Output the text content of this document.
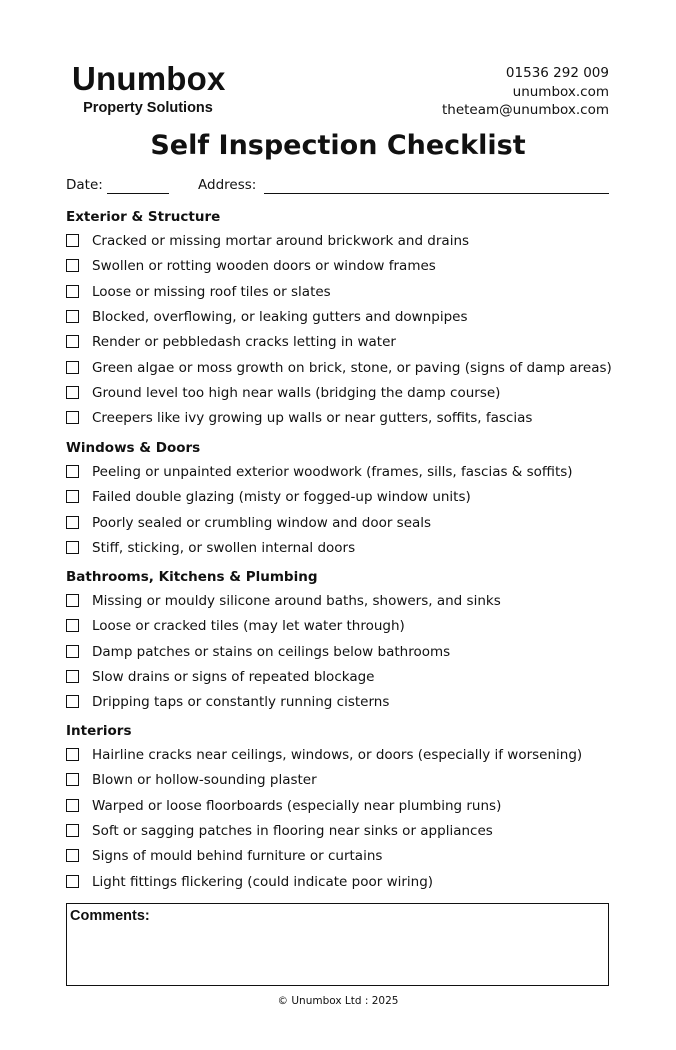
Unumbox
Property Solutions
01536 292 009
unumbox.com
theteam@unumbox.com
Self Inspection Checklist
Date:	Address:
Exterior & Structure
Cracked or missing mortar around brickwork and drains
Swollen or rotting wooden doors or window frames
Loose or missing roof tiles or slates
Blocked, overflowing, or leaking gutters and downpipes
Render or pebbledash cracks letting in water
Green algae or moss growth on brick, stone, or paving (signs of damp areas)
Ground level too high near walls (bridging the damp course)
Creepers like ivy growing up walls or near gutters, soffits, fascias
Windows & Doors
Peeling or unpainted exterior woodwork (frames, sills, fascias & soffits)
Failed double glazing (misty or fogged-up window units)
Poorly sealed or crumbling window and door seals
Stiff, sticking, or swollen internal doors
Bathrooms, Kitchens & Plumbing
Missing or mouldy silicone around baths, showers, and sinks
Loose or cracked tiles (may let water through)
Damp patches or stains on ceilings below bathrooms
Slow drains or signs of repeated blockage
Dripping taps or constantly running cisterns
Interiors
Hairline cracks near ceilings, windows, or doors (especially if worsening)
Blown or hollow-sounding plaster
Warped or loose floorboards (especially near plumbing runs)
Soft or sagging patches in flooring near sinks or appliances
Signs of mould behind furniture or curtains
Light fittings flickering (could indicate poor wiring)
Comments:
© Unumbox Ltd : 2025
